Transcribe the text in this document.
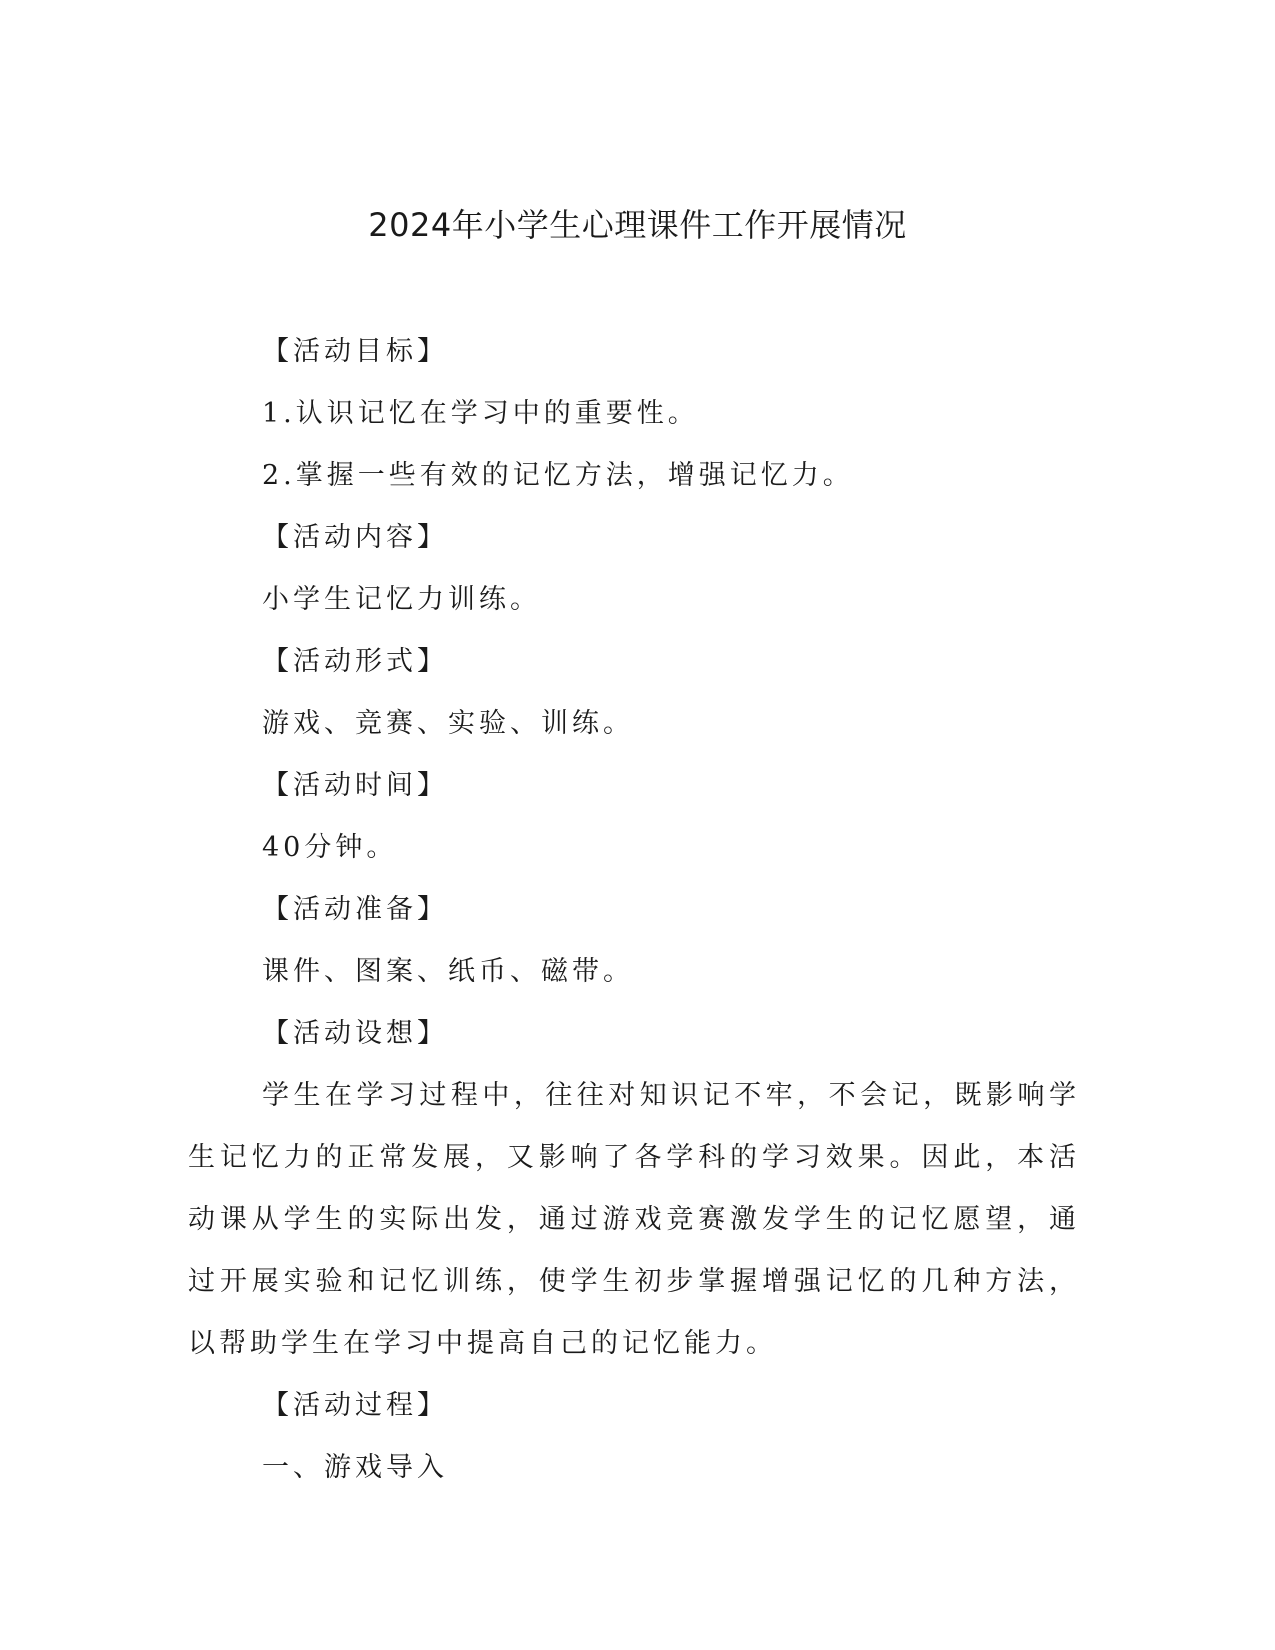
2024年小学生心理课件工作开展情况
【活动目标】
1.认识记忆在学习中的重要性。
2.掌握一些有效的记忆方法，增强记忆力。
【活动内容】
小学生记忆力训练。
【活动形式】
游戏、竞赛、实验、训练。
【活动时间】
40分钟。
【活动准备】
课件、图案、纸币、磁带。
【活动设想】

学生在学习过程中，往往对知识记不牢，不会记，既影响学生记忆力的正常发展，又影响了各学科的学习效果。因此，本活动课从学生的实际出发，通过游戏竞赛激发学生的记忆愿望，通过开展实验和记忆训练，使学生初步掌握增强记忆的几种方法，以帮助学生在学习中提高自己的记忆能力。

【活动过程】
一、游戏导入
